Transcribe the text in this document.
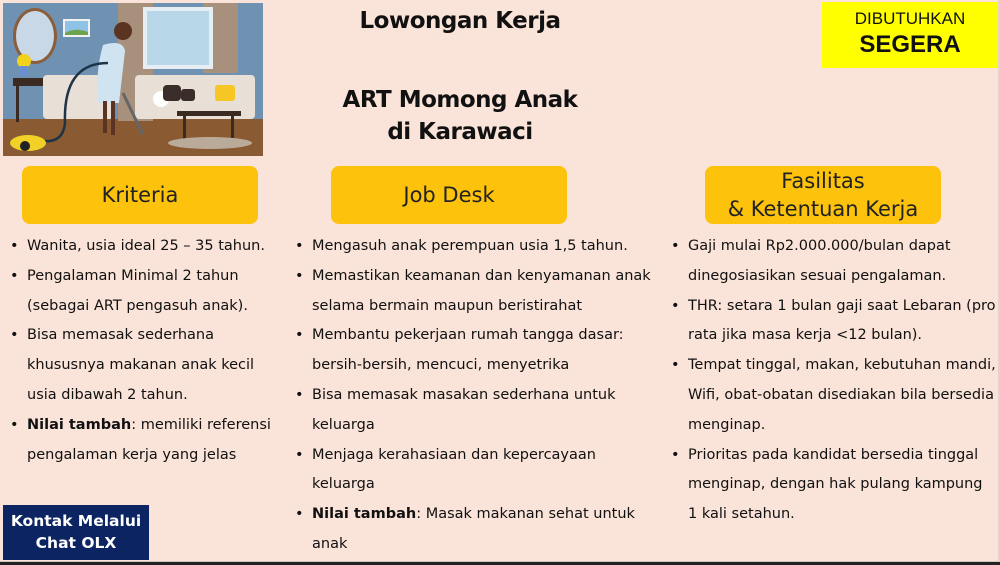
Lowongan Kerja
ART Momong Anak
di Karawaci
DIBUTUHKAN
SEGERA
Kriteria	Job Desk
Fasilitas
& Ketentuan Kerja
• Wanita, usia ideal 25 – 35 tahun.
• Pengalaman Minimal 2 tahun (sebagai ART pengasuh anak).
• Bisa memasak sederhana khususnya makanan anak kecil usia dibawah 2 tahun.
• Nilai tambah: memiliki referensi pengalaman kerja yang jelas
• Mengasuh anak perempuan usia 1,5 tahun.
• Memastikan keamanan dan kenyamanan anak selama bermain maupun beristirahat
• Membantu pekerjaan rumah tangga dasar: bersih-bersih, mencuci, menyetrika
• Bisa memasak masakan sederhana untuk keluarga
• Menjaga kerahasiaan dan kepercayaan keluarga
• Nilai tambah: Masak makanan sehat untuk anak
• Gaji mulai Rp2.000.000/bulan dapat dinegosiasikan sesuai pengalaman.
• THR: setara 1 bulan gaji saat Lebaran (pro rata jika masa kerja <12 bulan).
• Tempat tinggal, makan, kebutuhan mandi, Wifi, obat-obatan disediakan bila bersedia menginap.
• Prioritas pada kandidat bersedia tinggal menginap, dengan hak pulang kampung 1 kali setahun.
Kontak Melalui
Chat OLX
